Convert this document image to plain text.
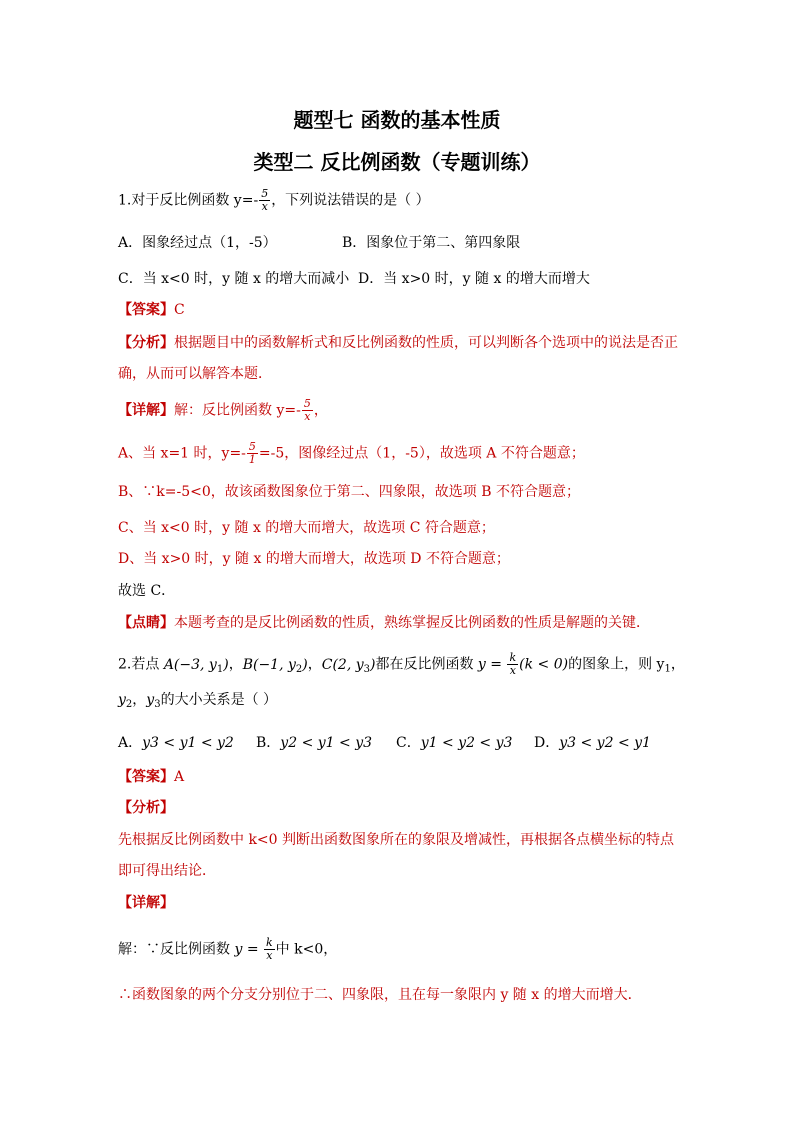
题型七 函数的基本性质
类型二 反比例函数（专题训练）
1.对于反比例函数 $y=- \frac{5}{x}$ ，下列说法错误的是（ ）
A．图象经过点（1，-5）	B．图象位于第二、第四象限
C．当 x<0 时，y 随 x 的增大而减小 D．当 x>0 时，y 随 x 的增大而增大
【答案】C
【分析】根据题目中的函数解析式和反比例函数的性质，可以判断各个选项中的说法是否正
确，从而可以解答本题．
【详解】解：反比例函数 $y=- \frac{5}{x}$ ，
A、当 x=1 时，$y=- \frac{5}{1} =-5$，图像经过点（1，-5），故选项 A 不符合题意；
B、∵k=-5<0，故该函数图象位于第二、四象限，故选项 B 不符合题意；
C、当 x<0 时，y 随 x 的增大而增大，故选项 C 符合题意；
D、当 x>0 时，y 随 x 的增大而增大，故选项 D 不符合题意；
故选 C．
【点睛】本题考查的是反比例函数的性质，熟练掌握反比例函数的性质是解题的关键．
2.若点 A(−3, $y_1$)，B(−1, $y_2$)，C(2, $y_3$)都在反比例函数 $y = \frac{k}{x} (k < 0)$的图象上，则 $y_1$，
$y_2$，$y_3$的大小关系是（ ）
A．y3 < y1 < y2 B．y2 < y1 < y3 C．y1 < y2 < y3 D．y3 < y2 < y1
【答案】A
【分析】
先根据反比例函数中 k<0 判断出函数图象所在的象限及增减性，再根据各点横坐标的特点
即可得出结论．
【详解】
解：∵反比例函数 $y = \frac{k}{x}$ 中 k<0，
∴函数图象的两个分支分别位于二、四象限，且在每一象限内 y 随 x 的增大而增大．
